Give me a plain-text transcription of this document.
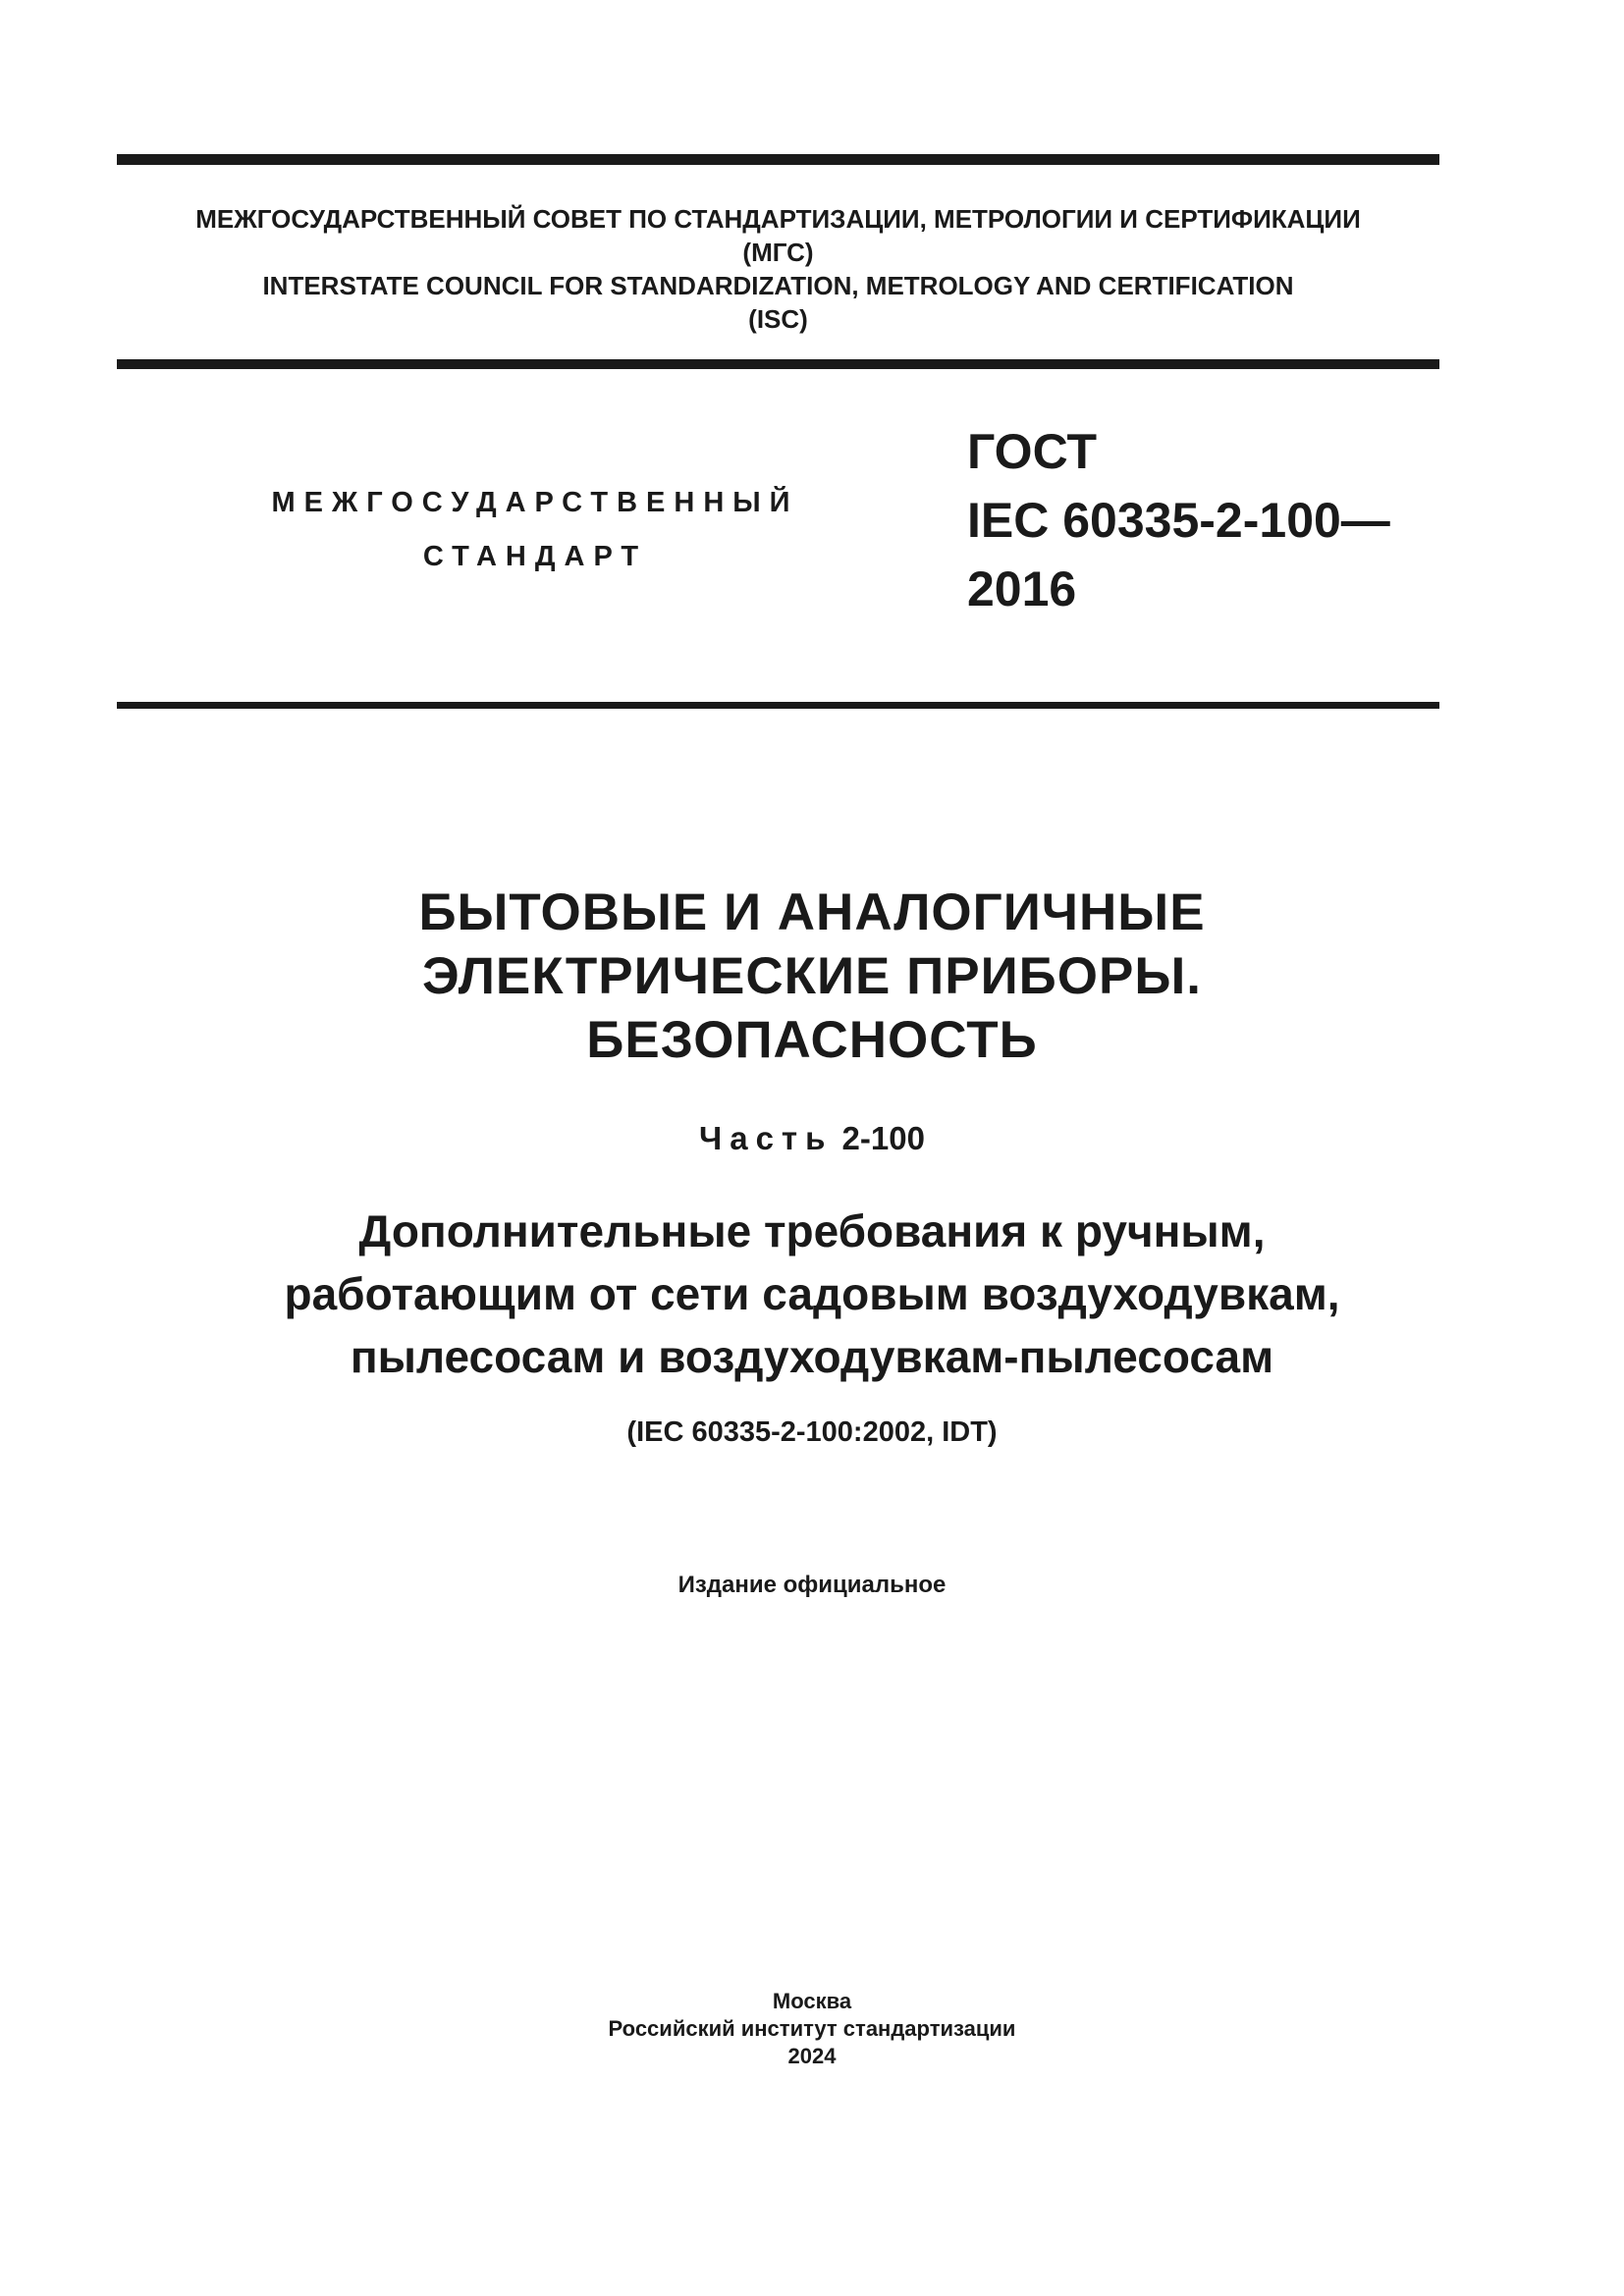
МЕЖГОСУДАРСТВЕННЫЙ СОВЕТ ПО СТАНДАРТИЗАЦИИ, МЕТРОЛОГИИ И СЕРТИФИКАЦИИ
(МГС)
INTERSTATE COUNCIL FOR STANDARDIZATION, METROLOGY AND CERTIFICATION
(ISC)
МЕЖГОСУДАРСТВЕННЫЙ
СТАНДАРТ
ГОСТ
IEC 60335-2-100—
2016
БЫТОВЫЕ И АНАЛОГИЧНЫЕ
ЭЛЕКТРИЧЕСКИЕ ПРИБОРЫ.
БЕЗОПАСНОСТЬ
Часть 2-100
Дополнительные требования к ручным,
работающим от сети садовым воздуходувкам,
пылесосам и воздуходувкам-пылесосам
(IEC 60335-2-100:2002, IDT)
Издание официальное
Москва
Российский институт стандартизации
2024
